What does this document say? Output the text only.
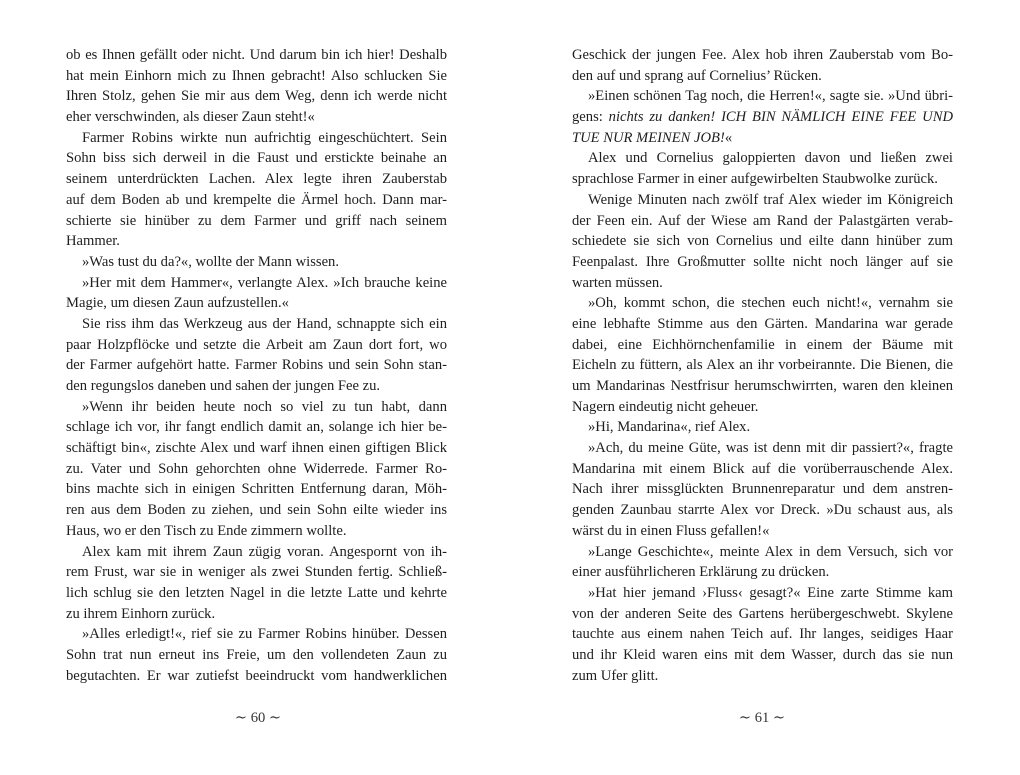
ob es Ihnen gefällt oder nicht. Und darum bin ich hier! Deshalb
hat mein Einhorn mich zu Ihnen gebracht! Also schlucken Sie
Ihren Stolz, gehen Sie mir aus dem Weg, denn ich werde nicht
eher verschwinden, als dieser Zaun steht!«
Farmer Robins wirkte nun aufrichtig eingeschüchtert. Sein
Sohn biss sich derweil in die Faust und erstickte beinahe an
seinem unterdrückten Lachen. Alex legte ihren Zauberstab
auf dem Boden ab und krempelte die Ärmel hoch. Dann mar-
schierte sie hinüber zu dem Farmer und griff nach seinem
Hammer.
»Was tust du da?«, wollte der Mann wissen.
»Her mit dem Hammer«, verlangte Alex. »Ich brauche keine
Magie, um diesen Zaun aufzustellen.«
Sie riss ihm das Werkzeug aus der Hand, schnappte sich ein
paar Holzpflöcke und setzte die Arbeit am Zaun dort fort, wo
der Farmer aufgehört hatte. Farmer Robins und sein Sohn stan-
den regungslos daneben und sahen der jungen Fee zu.
»Wenn ihr beiden heute noch so viel zu tun habt, dann
schlage ich vor, ihr fangt endlich damit an, solange ich hier be-
schäftigt bin«, zischte Alex und warf ihnen einen giftigen Blick
zu. Vater und Sohn gehorchten ohne Widerrede. Farmer Ro-
bins machte sich in einigen Schritten Entfernung daran, Möh-
ren aus dem Boden zu ziehen, und sein Sohn eilte wieder ins
Haus, wo er den Tisch zu Ende zimmern wollte.
Alex kam mit ihrem Zaun zügig voran. Angespornt von ih-
rem Frust, war sie in weniger als zwei Stunden fertig. Schließ-
lich schlug sie den letzten Nagel in die letzte Latte und kehrte
zu ihrem Einhorn zurück.
»Alles erledigt!«, rief sie zu Farmer Robins hinüber. Dessen
Sohn trat nun erneut ins Freie, um den vollendeten Zaun zu
begutachten. Er war zutiefst beeindruckt vom handwerklichen
Geschick der jungen Fee. Alex hob ihren Zauberstab vom Bo-
den auf und sprang auf Cornelius’ Rücken.
»Einen schönen Tag noch, die Herren!«, sagte sie. »Und übri-
gens: nichts zu danken! ICH BIN NÄMLICH EINE FEE UND
TUE NUR MEINEN JOB!«
Alex und Cornelius galoppierten davon und ließen zwei
sprachlose Farmer in einer aufgewirbelten Staubwolke zurück.
Wenige Minuten nach zwölf traf Alex wieder im Königreich
der Feen ein. Auf der Wiese am Rand der Palastgärten verab-
schiedete sie sich von Cornelius und eilte dann hinüber zum
Feenpalast. Ihre Großmutter sollte nicht noch länger auf sie
warten müssen.
»Oh, kommt schon, die stechen euch nicht!«, vernahm sie
eine lebhafte Stimme aus den Gärten. Mandarina war gerade
dabei, eine Eichhörnchenfamilie in einem der Bäume mit
Eicheln zu füttern, als Alex an ihr vorbeirannte. Die Bienen, die
um Mandarinas Nestfrisur herumschwirrten, waren den kleinen
Nagern eindeutig nicht geheuer.
»Hi, Mandarina«, rief Alex.
»Ach, du meine Güte, was ist denn mit dir passiert?«, fragte
Mandarina mit einem Blick auf die vorüberrauschende Alex.
Nach ihrer missglückten Brunnenreparatur und dem anstren-
genden Zaunbau starrte Alex vor Dreck. »Du schaust aus, als
wärst du in einen Fluss gefallen!«
»Lange Geschichte«, meinte Alex in dem Versuch, sich vor
einer ausführlicheren Erklärung zu drücken.
»Hat hier jemand ›Fluss‹ gesagt?« Eine zarte Stimme kam
von der anderen Seite des Gartens herübergeschwebt. Skylene
tauchte aus einem nahen Teich auf. Ihr langes, seidiges Haar
und ihr Kleid waren eins mit dem Wasser, durch das sie nun
zum Ufer glitt.
∼ 60 ∼	∼ 61 ∼
